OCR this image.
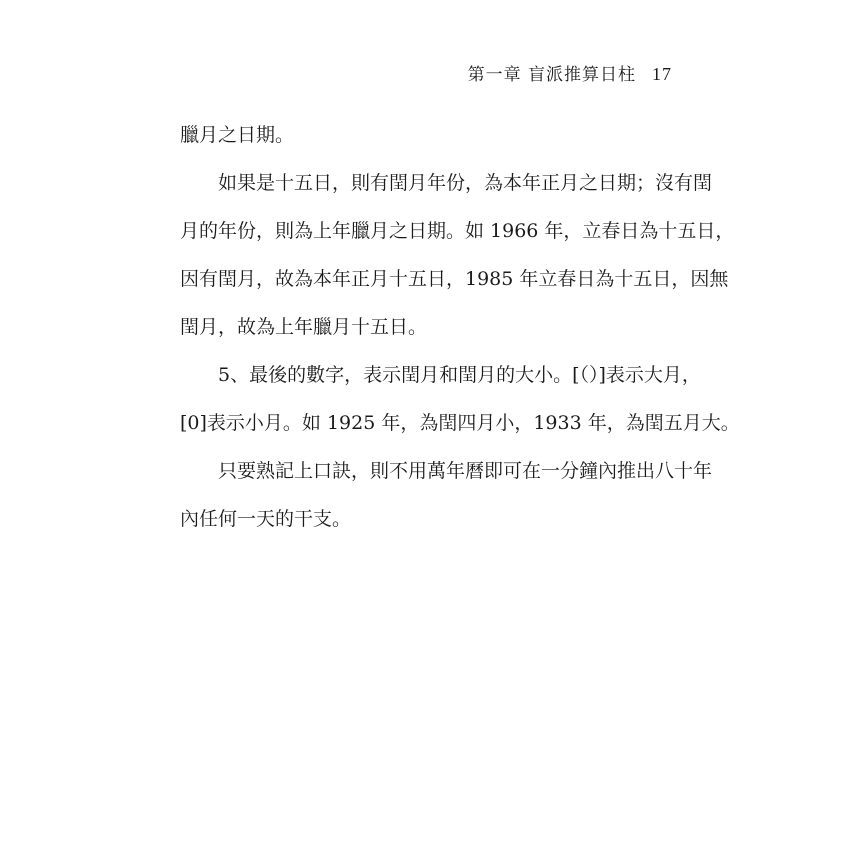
第一章 盲派推算日柱 17
臘月之日期。
如果是十五日，則有閏月年份，為本年正月之日期；沒有閏
月的年份，則為上年臘月之日期。如 1966 年，立春日為十五日，
因有閏月，故為本年正月十五日，1985 年立春日為十五日，因無
閏月，故為上年臘月十五日。
5、最後的數字，表示閏月和閏月的大小。[（）]表示大月，
[0]表示小月。如 1925 年，為閏四月小，1933 年，為閏五月大。
只要熟記上口訣，則不用萬年曆即可在一分鐘內推出八十年
內任何一天的干支。
